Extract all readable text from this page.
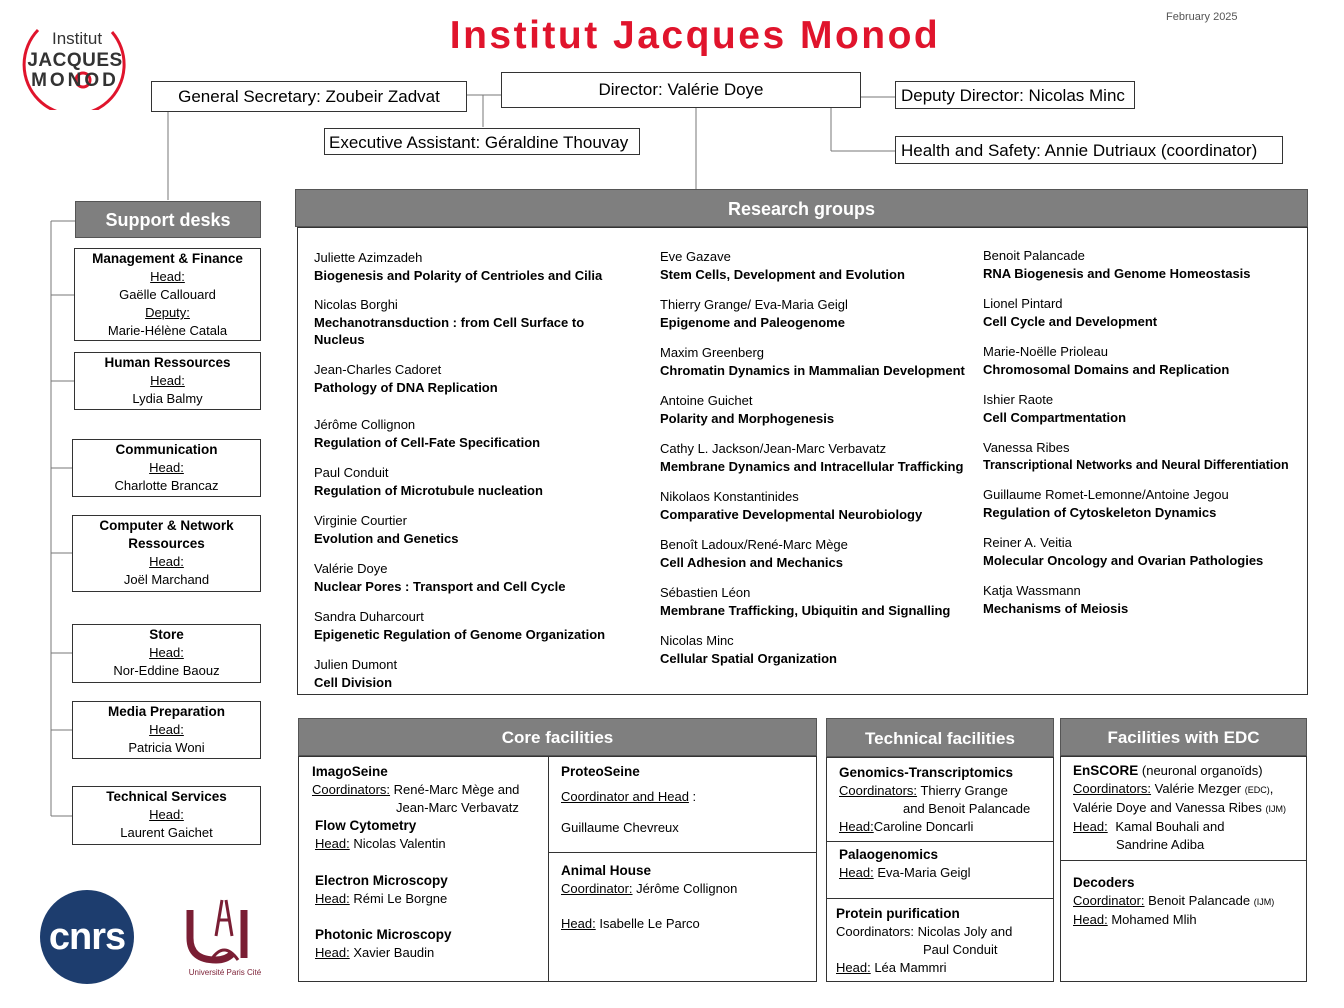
Institut
JACQUES
MONOD
Institut Jacques Monod	February 2025
Director: Valérie Doye
General Secretary: Zoubeir Zadvat
Executive Assistant: Géraldine Thouvay
Deputy Director: Nicolas Minc
Health and Safety: Annie Dutriaux (coordinator)
Support desks
Management & Finance
Head:
Gaëlle Callouard
Deputy:
Marie-Hélène Catala
Human Ressources
Head:
Lydia Balmy
Communication
Head:
Charlotte Brancaz
Computer & Network Ressources
Head:
Joël Marchand
Store
Head:
Nor-Eddine Baouz
Media Preparation
Head:
Patricia Woni
Technical Services
Head:
Laurent Gaichet
Research groups
Juliette Azimzadeh
Biogenesis and Polarity of Centrioles and Cilia
Nicolas Borghi
Mechanotransduction : from Cell Surface to Nucleus
Jean-Charles Cadoret
Pathology of DNA Replication
Jérôme Collignon
Regulation of Cell-Fate Specification
Paul Conduit
Regulation of Microtubule nucleation
Virginie Courtier
Evolution and Genetics
Valérie Doye
Nuclear Pores : Transport and Cell Cycle
Sandra Duharcourt
Epigenetic Regulation of Genome Organization
Julien Dumont
Cell Division
Eve Gazave
Stem Cells, Development and Evolution
Thierry Grange/ Eva-Maria Geigl
Epigenome and Paleogenome
Maxim Greenberg
Chromatin Dynamics in Mammalian Development
Antoine Guichet
Polarity and Morphogenesis
Cathy L. Jackson/Jean-Marc Verbavatz
Membrane Dynamics and Intracellular Trafficking
Nikolaos Konstantinides
Comparative Developmental Neurobiology
Benoît Ladoux/René-Marc Mège
Cell Adhesion and Mechanics
Sébastien Léon
Membrane Trafficking, Ubiquitin and Signalling
Nicolas Minc
Cellular Spatial Organization
Benoit Palancade
RNA Biogenesis and Genome Homeostasis
Lionel Pintard
Cell Cycle and Development
Marie-Noëlle Prioleau
Chromosomal Domains and Replication
Ishier Raote
Cell Compartmentation
Vanessa Ribes
Transcriptional Networks and Neural Differentiation
Guillaume Romet-Lemonne/Antoine Jegou
Regulation of Cytoskeleton Dynamics
Reiner A. Veitia
Molecular Oncology and Ovarian Pathologies
Katja Wassmann
Mechanisms of Meiosis
Core facilities
ImagoSeine
Coordinators: René-Marc Mège and
Jean-Marc Verbavatz
Flow Cytometry
Head: Nicolas Valentin
Electron Microscopy
Head: Rémi Le Borgne
Photonic Microscopy
Head: Xavier Baudin
ProteoSeine
Coordinator and Head :
Guillaume Chevreux
Animal House
Coordinator: Jérôme Collignon
Head: Isabelle Le Parco
Technical facilities
Genomics-Transcriptomics
Coordinators: Thierry Grange
and Benoit Palancade
Head:Caroline Doncarli
Palaogenomics
Head: Eva-Maria Geigl
Protein purification
Coordinators: Nicolas Joly and
Paul Conduit
Head: Léa Mammri
Facilities with EDC
EnSCORE (neuronal organoïds)
Coordinators: Valérie Mezger (EDC),
Valérie Doye and Vanessa Ribes (IJM)
Head: Kamal Bouhali and
Sandrine Adiba
Decoders
Coordinator: Benoit Palancade (IJM)
Head: Mohamed Mlih
cnrs
Université Paris Cité
